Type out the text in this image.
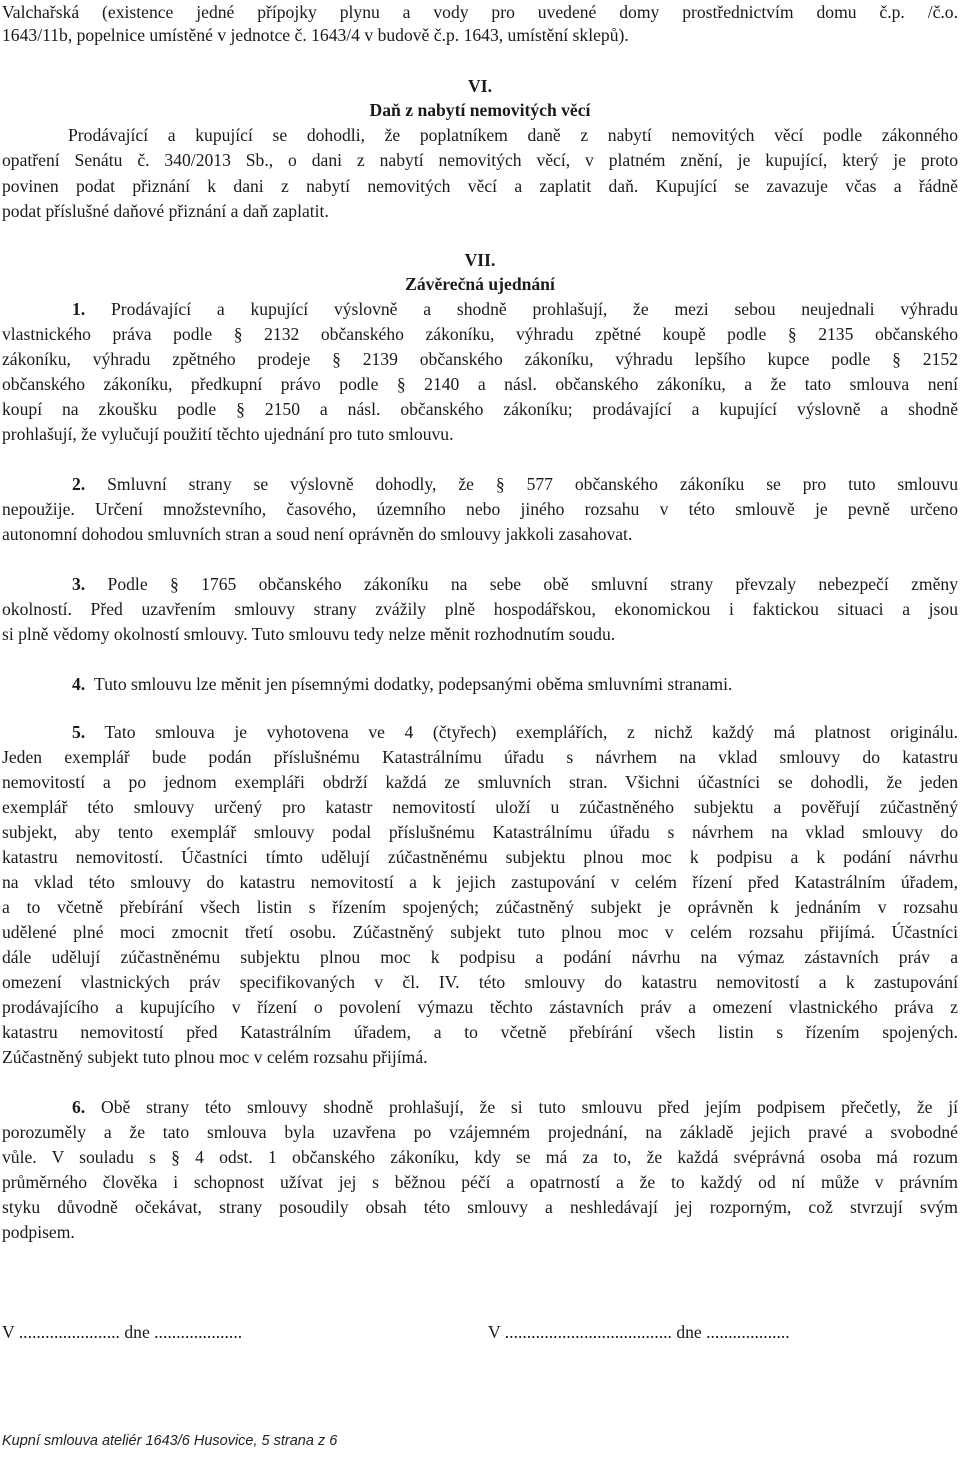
Valchařská (existence jedné přípojky plynu a vody pro uvedené domy prostřednictvím domu č.p. /č.o.
1643/11b, popelnice umístěné v jednotce č. 1643/4 v budově č.p. 1643, umístění sklepů).
VI.
Daň z nabytí nemovitých věcí
Prodávající a kupující se dohodli, že poplatníkem daně z nabytí nemovitých věcí podle zákonného
opatření Senátu č. 340/2013 Sb., o dani z nabytí nemovitých věcí, v platném znění, je kupující, který je proto
povinen podat přiznání k dani z nabytí nemovitých věcí a zaplatit daň. Kupující se zavazuje včas a řádně
podat příslušné daňové přiznání a daň zaplatit.
VII.
Závěrečná ujednání
1. Prodávající a kupující výslovně a shodně prohlašují, že mezi sebou neujednali výhradu
vlastnického práva podle § 2132 občanského zákoníku, výhradu zpětné koupě podle § 2135 občanského
zákoníku, výhradu zpětného prodeje § 2139 občanského zákoníku, výhradu lepšího kupce podle § 2152
občanského zákoníku, předkupní právo podle § 2140 a násl. občanského zákoníku, a že tato smlouva není
koupí na zkoušku podle § 2150 a násl. občanského zákoníku; prodávající a kupující výslovně a shodně
prohlašují, že vylučují použití těchto ujednání pro tuto smlouvu.
2. Smluvní strany se výslovně dohodly, že § 577 občanského zákoníku se pro tuto smlouvu
nepoužije. Určení množstevního, časového, územního nebo jiného rozsahu v této smlouvě je pevně určeno
autonomní dohodou smluvních stran a soud není oprávněn do smlouvy jakkoli zasahovat.
3. Podle § 1765 občanského zákoníku na sebe obě smluvní strany převzaly nebezpečí změny
okolností. Před uzavřením smlouvy strany zvážily plně hospodářskou, ekonomickou i faktickou situaci a jsou
si plně vědomy okolností smlouvy. Tuto smlouvu tedy nelze měnit rozhodnutím soudu.
4. Tuto smlouvu lze měnit jen písemnými dodatky, podepsanými oběma smluvními stranami.
5. Tato smlouva je vyhotovena ve 4 (čtyřech) exemplářích, z nichž každý má platnost originálu.
Jeden exemplář bude podán příslušnému Katastrálnímu úřadu s návrhem na vklad smlouvy do katastru
nemovitostí a po jednom exempláři obdrží každá ze smluvních stran. Všichni účastníci se dohodli, že jeden
exemplář této smlouvy určený pro katastr nemovitostí uloží u zúčastněného subjektu a pověřují zúčastněný
subjekt, aby tento exemplář smlouvy podal příslušnému Katastrálnímu úřadu s návrhem na vklad smlouvy do
katastru nemovitostí. Účastníci tímto udělují zúčastněnému subjektu plnou moc k podpisu a k podání návrhu
na vklad této smlouvy do katastru nemovitostí a k jejich zastupování v celém řízení před Katastrálním úřadem,
a to včetně přebírání všech listin s řízením spojených; zúčastněný subjekt je oprávněn k jednáním v rozsahu
udělené plné moci zmocnit třetí osobu. Zúčastněný subjekt tuto plnou moc v celém rozsahu přijímá. Účastníci
dále udělují zúčastněnému subjektu plnou moc k podpisu a podání návrhu na výmaz zástavních práv a
omezení vlastnických práv specifikovaných v čl. IV. této smlouvy do katastru nemovitostí a k zastupování
prodávajícího a kupujícího v řízení o povolení výmazu těchto zástavních práv a omezení vlastnického práva z
katastru nemovitostí před Katastrálním úřadem, a to včetně přebírání všech listin s řízením spojených.
Zúčastněný subjekt tuto plnou moc v celém rozsahu přijímá.
6. Obě strany této smlouvy shodně prohlašují, že si tuto smlouvu před jejím podpisem přečetly, že jí
porozuměly a že tato smlouva byla uzavřena po vzájemném projednání, na základě jejich pravé a svobodné
vůle. V souladu s § 4 odst. 1 občanského zákoníku, kdy se má za to, že každá svéprávná osoba má rozum
průměrného člověka i schopnost užívat jej s běžnou péčí a opatrností a že to každý od ní může v právním
styku důvodně očekávat, strany posoudily obsah této smlouvy a neshledávají jej rozporným, což stvrzují svým
podpisem.
V ....................... dne ....................	V ...................................... dne ...................
Kupní smlouva ateliér 1643/6 Husovice, 5 strana z 6
